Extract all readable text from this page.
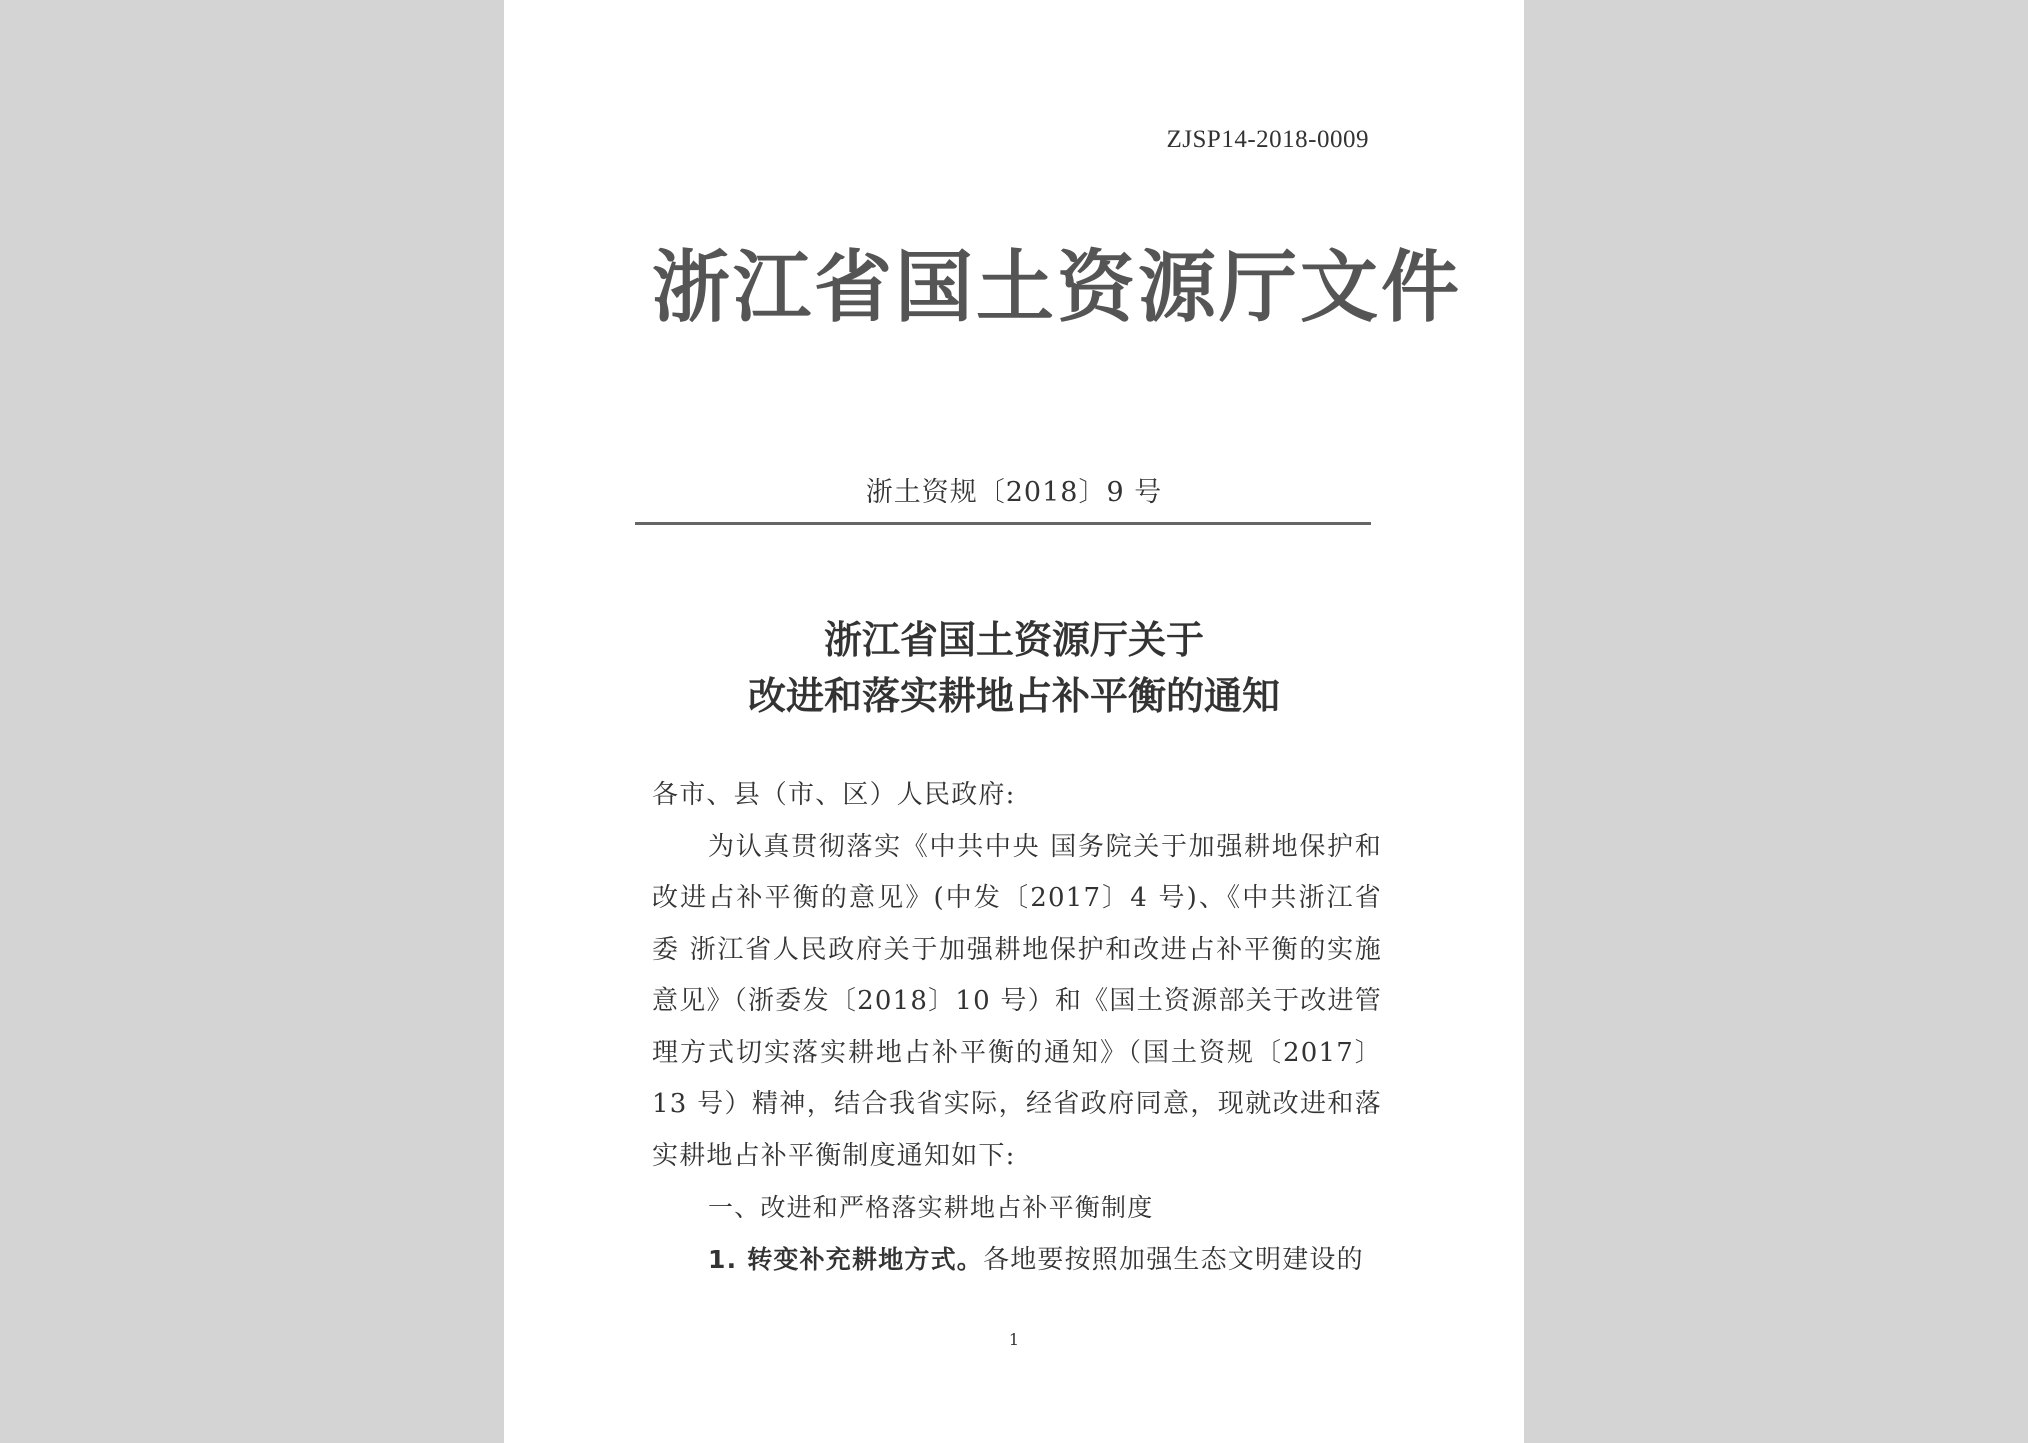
ZJSP14-2018-0009
浙江省国土资源厅文件
浙土资规〔2018〕9 号
浙江省国土资源厅关于
改进和落实耕地占补平衡的通知

各市、县（市、区）人民政府:

为认真贯彻落实《中共中央 国务院关于加强耕地保护和改进占补平衡的意见》(中发〔2017〕4 号)、《中共浙江省委 浙江省人民政府关于加强耕地保护和改进占补平衡的实施意见》（浙委发〔2018〕10 号）和《国土资源部关于改进管理方式切实落实耕地占补平衡的通知》（国土资规〔2017〕13 号）精神，结合我省实际，经省政府同意，现就改进和落实耕地占补平衡制度通知如下:

一、改进和严格落实耕地占补平衡制度

1. 转变补充耕地方式。各地要按照加强生态文明建设的

1
